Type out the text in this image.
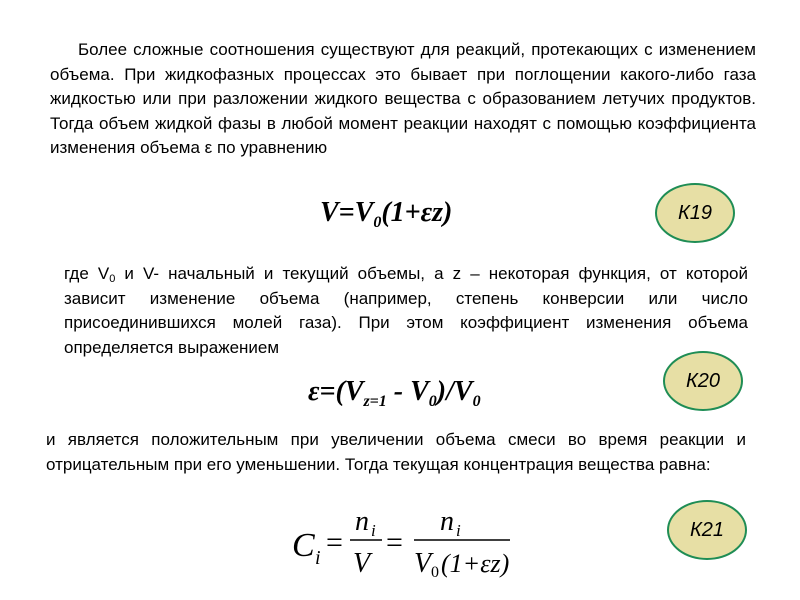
Более сложные соотношения существуют для реакций, протекающих с изменением объема. При жидкофазных процессах это бывает при поглощении какого-либо газа жидкостью или при разложении жидкого вещества с образованием летучих продуктов. Тогда объем жидкой фазы в любой момент реакции находят с помощью коэффициента изменения объема ε по уравнению

$V=V_0(1+\varepsilon z)$	К19

где $V_0$ и V- начальный и текущий объемы, а z – некоторая функция, от которой зависит изменение объема (например, степень конверсии или число присоединившихся молей газа). При этом коэффициент изменения объема определяется выражением

$\varepsilon=(V_{z=1} - V_0)/V_0$
К20

и является положительным при увеличении объема смеси во время реакции и отрицательным при его уменьшении. Тогда текущая концентрация вещества равна:

C i =
n i
V
=
n i
V 0 (1+εz)
К21
